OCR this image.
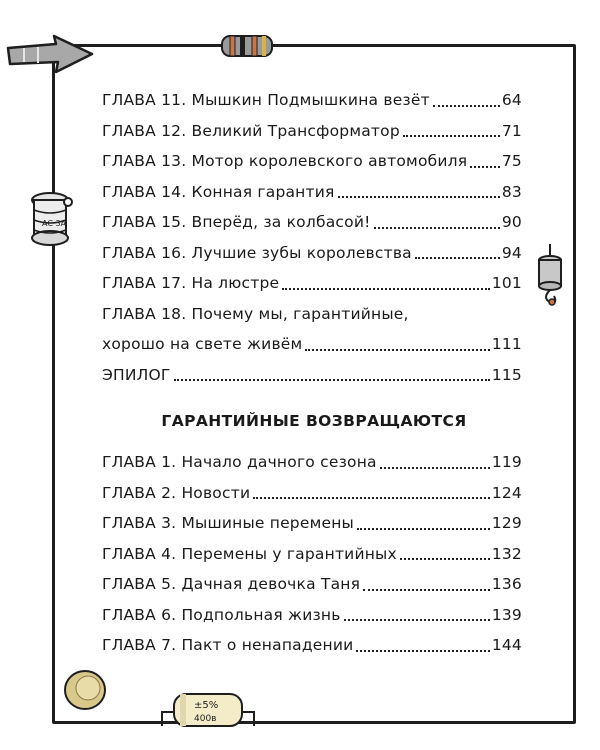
AC 3A
±5%
400в
ГЛАВА 11. Мышкин Подмышкина везёт	64
ГЛАВА 12. Великий Трансформатор	71
ГЛАВА 13. Мотор королевского автомобиля 75
ГЛАВА 14. Конная гарантия	83
ГЛАВА 15. Вперёд, за колбасой!	90
ГЛАВА 16. Лучшие зубы королевства	94
ГЛАВА 17. На люстре	101
ГЛАВА 18. Почему мы, гарантийные,
хорошо на свете живём	111
ЭПИЛОГ	115
ГАРАНТИЙНЫЕ ВОЗВРАЩАЮТСЯ
ГЛАВА 1. Начало дачного сезона	119
ГЛАВА 2. Новости	124
ГЛАВА 3. Мышиные перемены	129
ГЛАВА 4. Перемены у гарантийных	132
ГЛАВА 5. Дачная девочка Таня	136
ГЛАВА 6. Подпольная жизнь	139
ГЛАВА 7. Пакт о ненападении	144
